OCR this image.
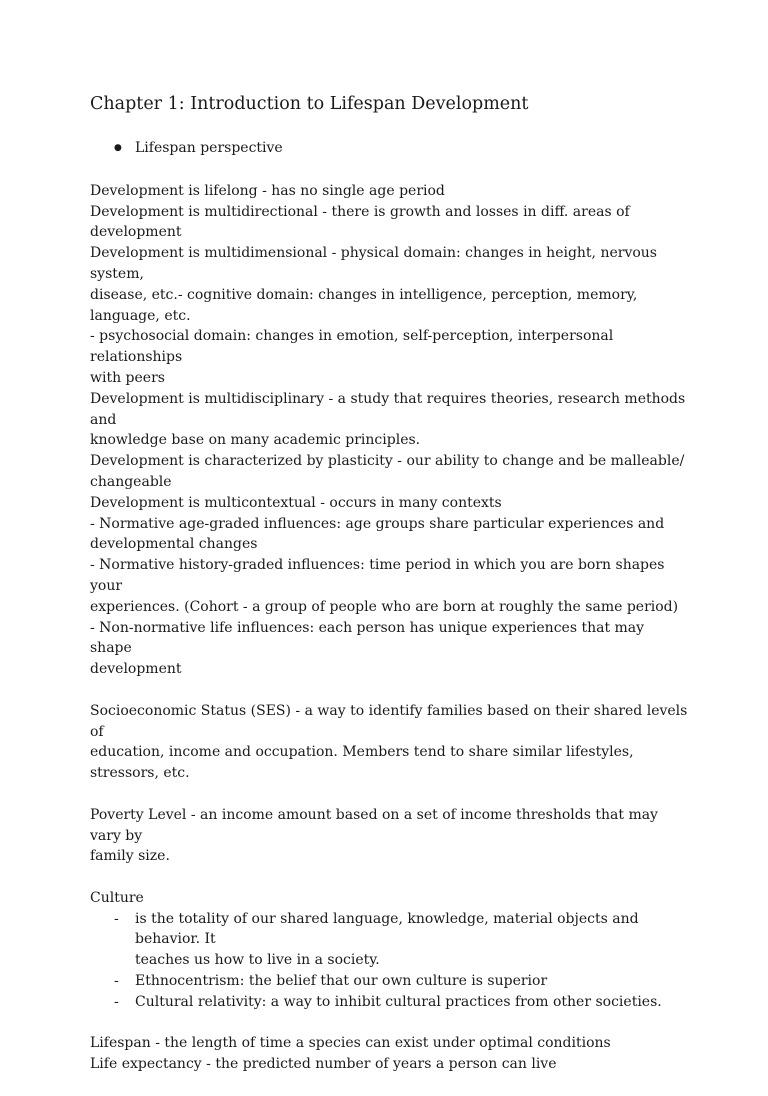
Chapter 1: Introduction to Lifespan Development
● Lifespan perspective
Development is lifelong - has no single age period
Development is multidirectional - there is growth and losses in diff. areas of development
Development is multidimensional - physical domain: changes in height, nervous system,
disease, etc.- cognitive domain: changes in intelligence, perception, memory, language, etc.
- psychosocial domain: changes in emotion, self-perception, interpersonal relationships
with peers
Development is multidisciplinary - a study that requires theories, research methods and
knowledge base on many academic principles.
Development is characterized by plasticity - our ability to change and be malleable/
changeable
Development is multicontextual - occurs in many contexts
- Normative age-graded influences: age groups share particular experiences and
developmental changes
- Normative history-graded influences: time period in which you are born shapes your
experiences. (Cohort - a group of people who are born at roughly the same period)
- Non-normative life influences: each person has unique experiences that may shape
development
Socioeconomic Status (SES) - a way to identify families based on their shared levels of
education, income and occupation. Members tend to share similar lifestyles, stressors, etc.
Poverty Level - an income amount based on a set of income thresholds that may vary by
family size.
Culture
- is the totality of our shared language, knowledge, material objects and behavior. It
teaches us how to live in a society.
- Ethnocentrism: the belief that our own culture is superior
- Cultural relativity: a way to inhibit cultural practices from other societies.
Lifespan - the length of time a species can exist under optimal conditions
Life expectancy - the predicted number of years a person can live
